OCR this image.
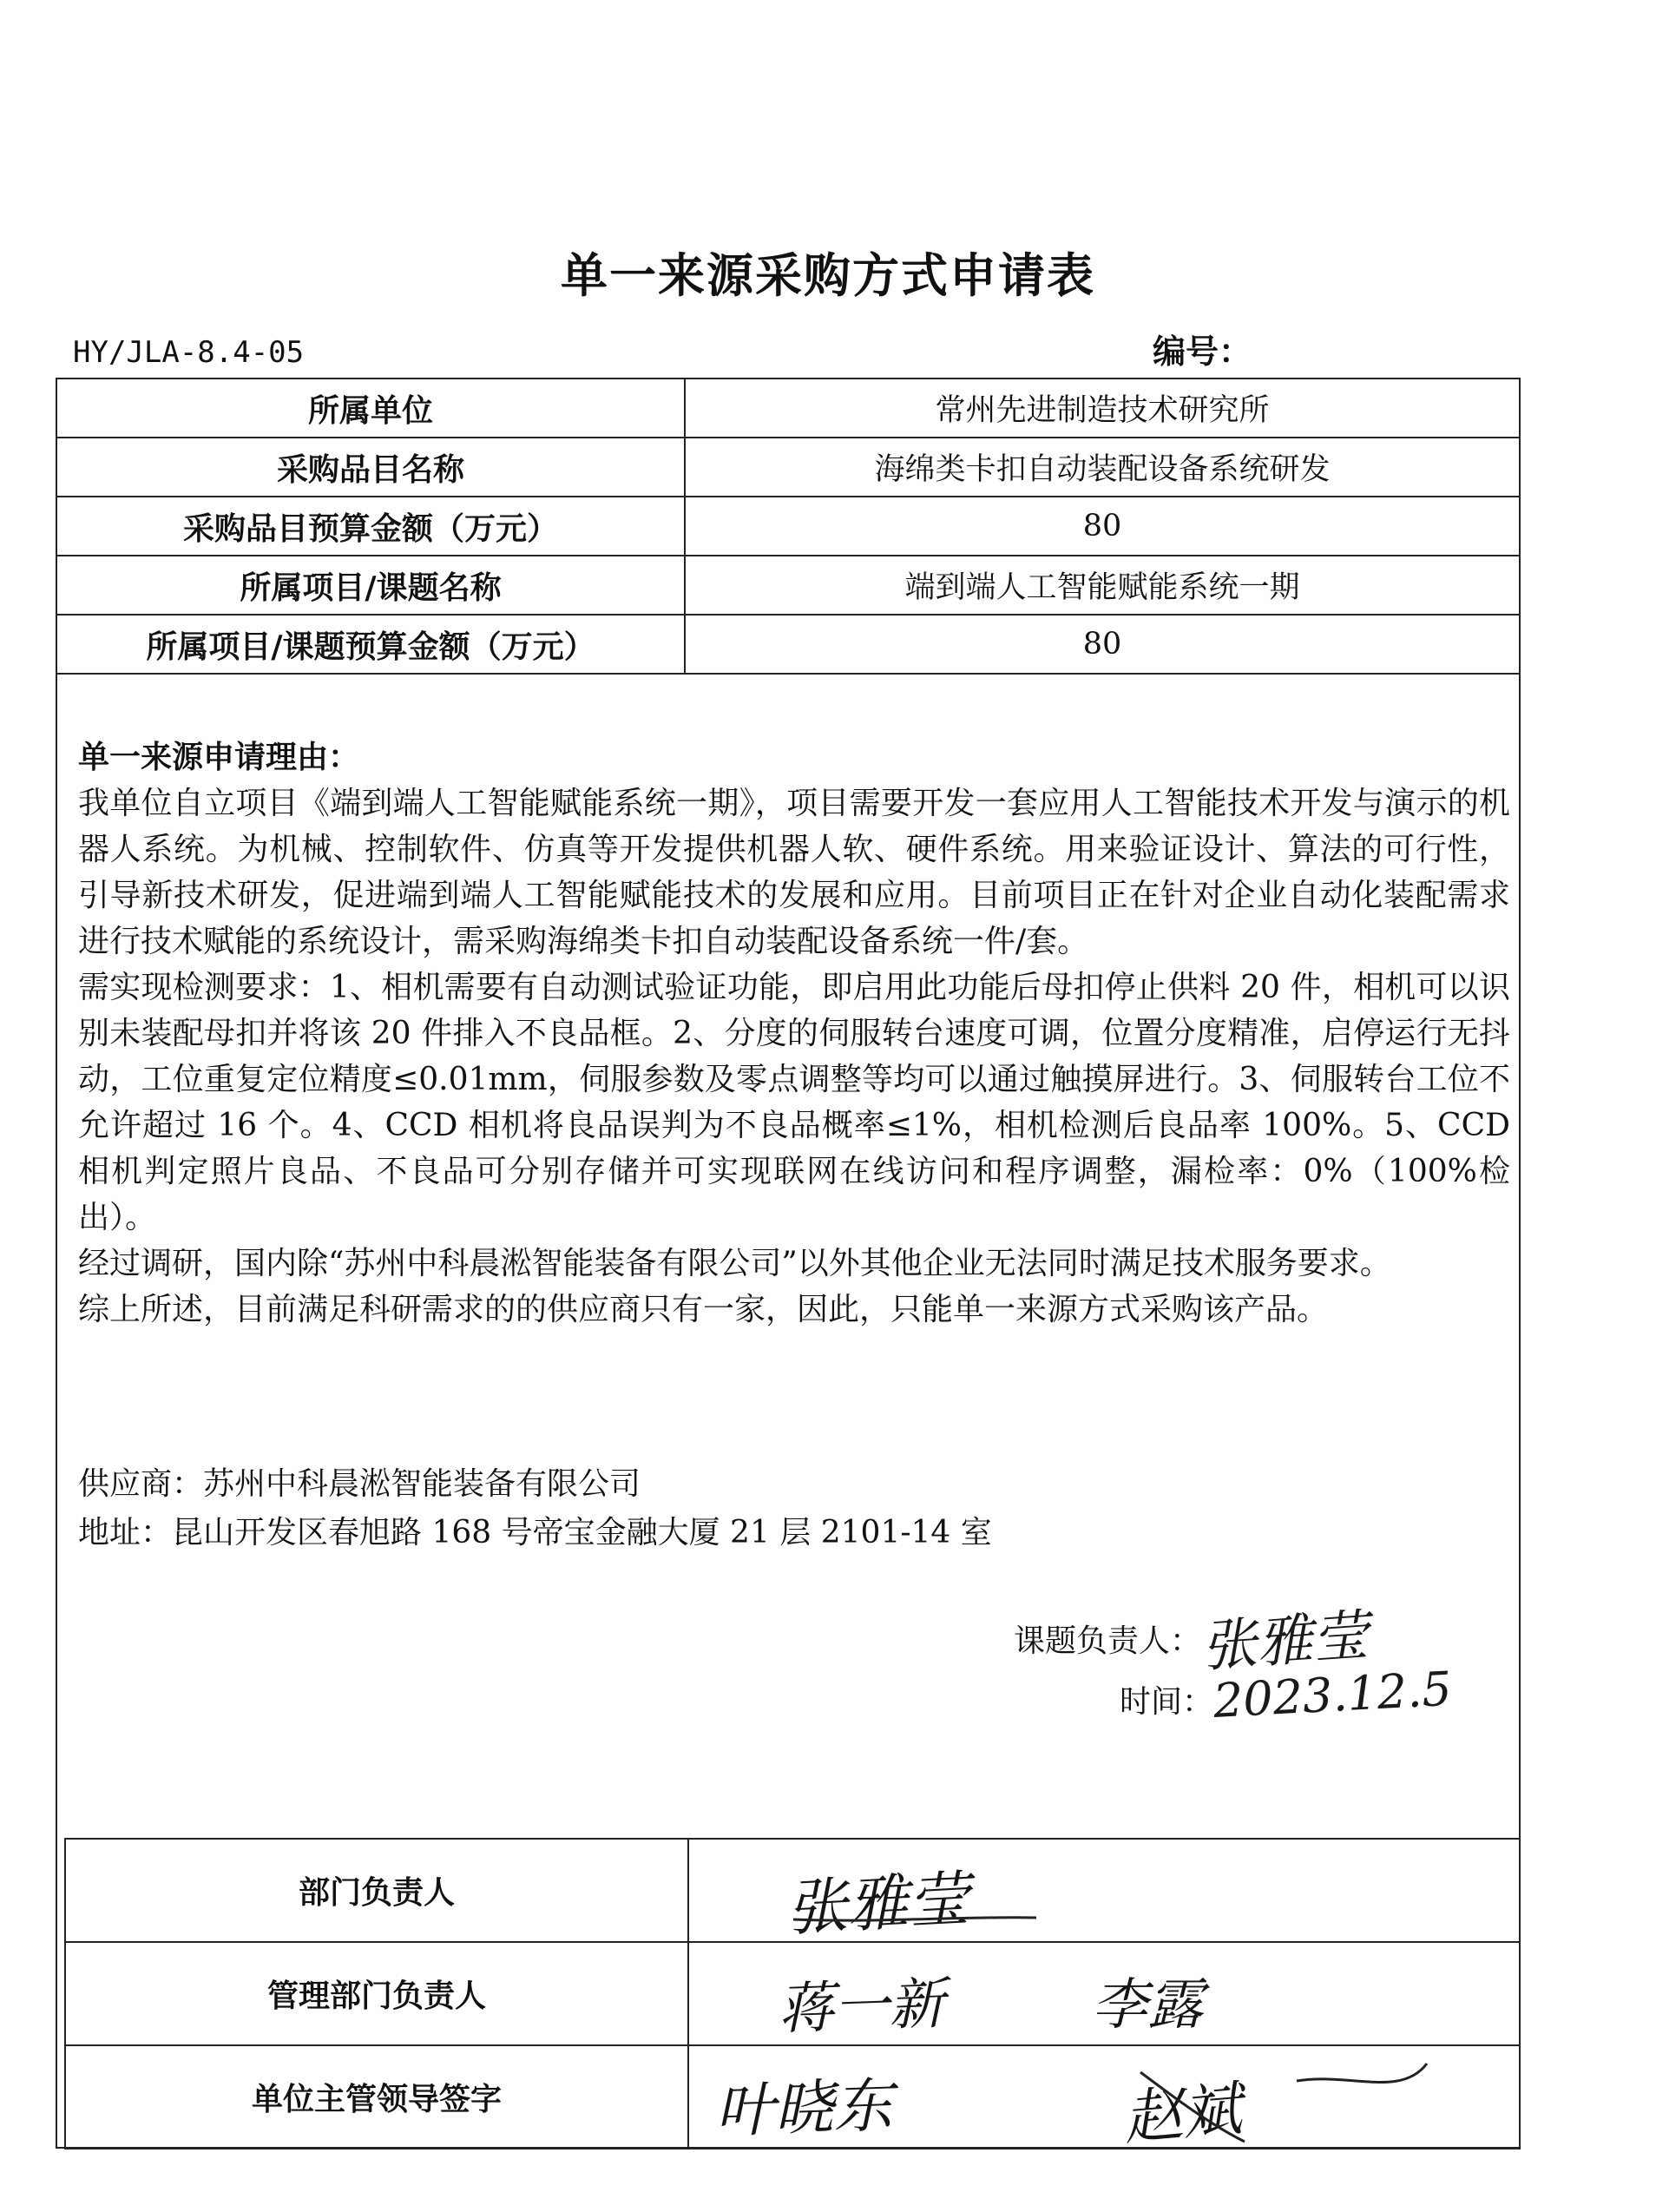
单一来源采购方式申请表
HY/JLA-8.4-05	编号：
所属单位	常州先进制造技术研究所
采购品目名称	海绵类卡扣自动装配设备系统研发
采购品目预算金额（万元）	80
所属项目/课题名称	端到端人工智能赋能系统一期
所属项目/课题预算金额（万元）	80
单一来源申请理由：

我单位自立项目《端到端人工智能赋能系统一期》，项目需要开发一套应用人工智能技术开发与演示的机器人系统。为机械、控制软件、仿真等开发提供机器人软、硬件系统。用来验证设计、算法的可行性，引导新技术研发，促进端到端人工智能赋能技术的发展和应用。目前项目正在针对企业自动化装配需求进行技术赋能的系统设计，需采购海绵类卡扣自动装配设备系统一件/套。

需实现检测要求：1、相机需要有自动测试验证功能，即启用此功能后母扣停止供料 20 件，相机可以识别未装配母扣并将该 20 件排入不良品框。2、分度的伺服转台速度可调，位置分度精准，启停运行无抖动，工位重复定位精度≤0.01mm，伺服参数及零点调整等均可以通过触摸屏进行。3、伺服转台工位不允许超过 16 个。4、CCD 相机将良品误判为不良品概率≤1%，相机检测后良品率 100%。5、CCD 相机判定照片良品、不良品可分别存储并可实现联网在线访问和程序调整，漏检率：0%（100%检出）。

经过调研，国内除“苏州中科晨淞智能装备有限公司”以外其他企业无法同时满足技术服务要求。

综上所述，目前满足科研需求的的供应商只有一家，因此，只能单一来源方式采购该产品。

供应商：苏州中科晨淞智能装备有限公司
地址：昆山开发区春旭路 168 号帝宝金融大厦 21 层 2101-14 室
课题负责人：
张雅莹
时间：
2023.12.5
部门负责人	张雅莹

管理部门负责人	蒋一新 李露

单位主管领导签字	叶晓东 赵斌
